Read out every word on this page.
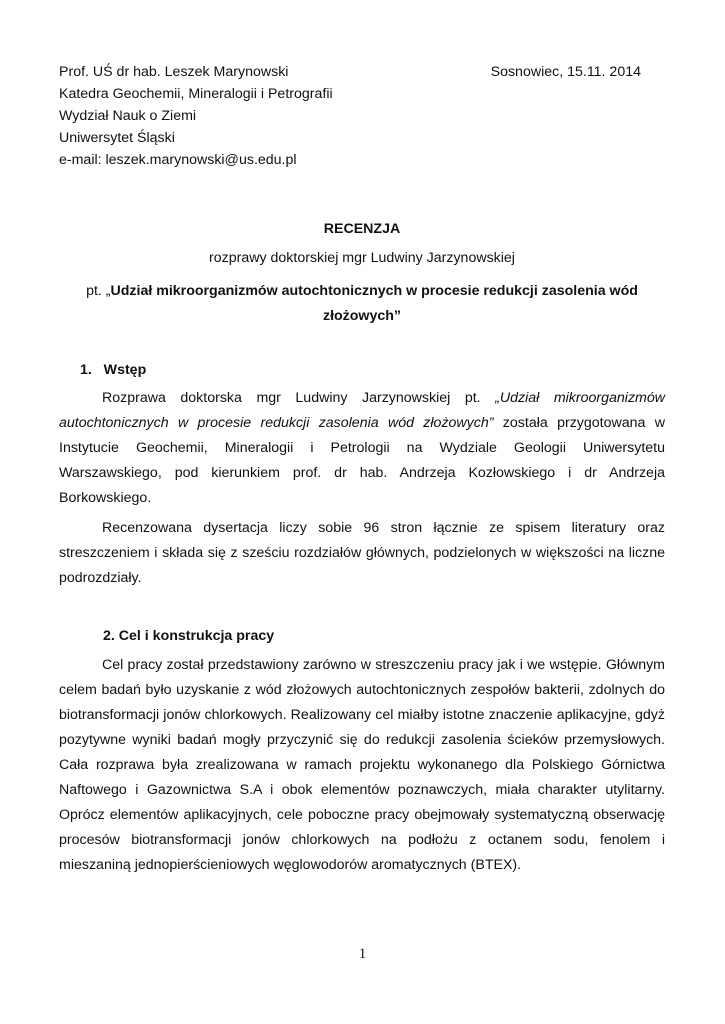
Prof. UŚ dr hab. Leszek Marynowski
Katedra Geochemii, Mineralogii i Petrografii
Wydział Nauk o Ziemi
Uniwersytet Śląski
e-mail: leszek.marynowski@us.edu.pl
Sosnowiec, 15.11. 2014
RECENZJA
rozprawy doktorskiej mgr Ludwiny Jarzynowskiej
pt. „Udział mikroorganizmów autochtonicznych w procesie redukcji zasolenia wód złożowych”
1. Wstęp
Rozprawa doktorska mgr Ludwiny Jarzynowskiej pt. „Udział mikroorganizmów autochtonicznych w procesie redukcji zasolenia wód złożowych” została przygotowana w Instytucie Geochemii, Mineralogii i Petrologii na Wydziale Geologii Uniwersytetu Warszawskiego, pod kierunkiem prof. dr hab. Andrzeja Kozłowskiego i dr Andrzeja Borkowskiego.
Recenzowana dysertacja liczy sobie 96 stron łącznie ze spisem literatury oraz streszczeniem i składa się z sześciu rozdziałów głównych, podzielonych w większości na liczne podrozdziały.
2. Cel i konstrukcja pracy
Cel pracy został przedstawiony zarówno w streszczeniu pracy jak i we wstępie. Głównym celem badań było uzyskanie z wód złożowych autochtonicznych zespołów bakterii, zdolnych do biotransformacji jonów chlorkowych. Realizowany cel miałby istotne znaczenie aplikacyjne, gdyż pozytywne wyniki badań mogły przyczynić się do redukcji zasolenia ścieków przemysłowych. Cała rozprawa była zrealizowana w ramach projektu wykonanego dla Polskiego Górnictwa Naftowego i Gazownictwa S.A i obok elementów poznawczych, miała charakter utylitarny. Oprócz elementów aplikacyjnych, cele poboczne pracy obejmowały systematyczną obserwację procesów biotransformacji jonów chlorkowych na podłożu z octanem sodu, fenolem i mieszaniną jednopierścieniowych węglowodorów aromatycznych (BTEX).
1
